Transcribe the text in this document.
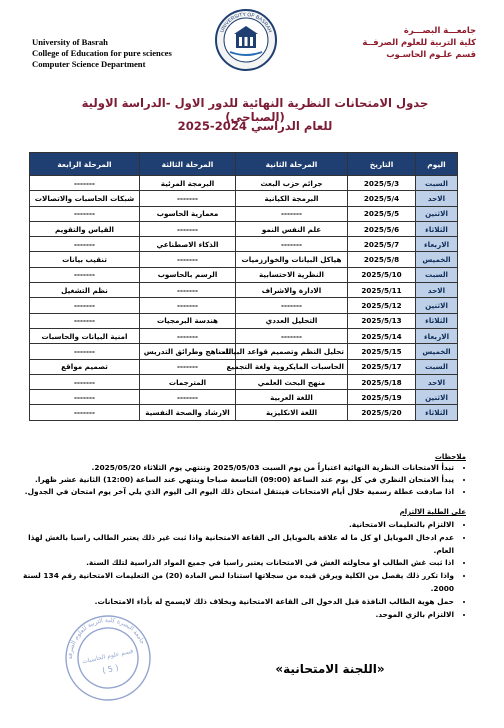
University of Basrah
College of Education for pure sciences
Computer Science Department
UNIVERSITY OF BASRAH	جامعـــة البصـــرة
كلية التربية للعلوم الصرفــة
قسم علـوم الحاسـوب
جدول الامتحانات النظرية النهائية للدور الاول -الدراسة الاولية (الصباحي)
للعام الدراسي 2024-2025
اليوم	التاريخ	المرحلة الثانية	المرحلة الثالثة	المرحلة الرابعة
السبت	2025/5/3	جرائم حزب البعث	البرمجة المرئية	-------
الاحد	2025/5/4	البرمجة الكيانية	-------	شبكات الحاسبات والاتصالات
الاثنين	2025/5/5	-------	معمارية الحاسوب	-------
الثلاثاء	2025/5/6	علم النفس النمو	-------	القياس والتقويم
الاربعاء	2025/5/7	-------	الذكاء الاصطناعي	-------
الخميس	2025/5/8	هياكل البيانات والخوارزميات	-------	تنقيب بيانات
السبت	2025/5/10	النظرية الاحتسابية	الرسم بالحاسوب	-------
الاحد	2025/5/11	الادارة والاشراف	-------	نظم التشغيل
الاثنين	2025/5/12	-------	-------	-------
الثلاثاء	2025/5/13	التحليل العددي	هندسة البرمجيات	-------
الاربعاء	2025/5/14	-------	-------	امنية البيانات والحاسبات
الخميس	2025/5/15	تحليل النظم وتصميم قواعد البيانات	المناهج وطرائق التدريس	-------
السبت	2025/5/17	الحاسبات المايكروية ولغة التجميع	-------	تصميم مواقع
الاحد	2025/5/18	منهج البحث العلمي	المترجمات	-------
الاثنين	2025/5/19	اللغة العربية	-------	-------
الثلاثاء	2025/5/20	اللغة الانكليزية	الارشاد والصحة النفسية	-------
ملاحظات
• تبدأ الامتحانات النظرية النهائية اعتباراً من يوم السبت 2025/05/03 وتنتهي يوم الثلاثاء 2025/05/20.
• يبدأ الامتحان النظري في كل يوم عند الساعة (09:00) التاسعة صباحا وينتهي عند الساعة (12:00) الثانية عشر ظهرا.
• اذا صادفت عطلة رسمية خلال أيام الامتحانات فينتقل امتحان ذلك اليوم الى اليوم الذي يلي آخر يوم امتحان في الجدول.
على الطلبة الالتزام
• الالتزام بالتعليمات الامتحانية.
• عدم ادخال الموبايل او كل ما له علاقة بالموبايل الى القاعة الامتحانية واذا ثبت غير ذلك يعتبر الطالب راسبا بالغش لهذا العام.
• اذا ثبت غش الطالب او محاولته الغش في الامتحانات يعتبر راسبا في جميع المواد الدراسية لتلك السنة.
• واذا تكرر ذلك يفصل من الكلية ويرقن قيده من سجلاتها استنادا لنص المادة (20) من التعليمات الامتحانية رقم 134 لسنة 2000.
• حمل هوية الطالب النافذة قبل الدخول الى القاعة الامتحانية وبخلاف ذلك لايسمح له بأداء الامتحانات.
• الالتزام بالزي الموحد.
جامعة البصرة كلية التربية للعلوم الصرفة
قسم علوم الحاسبات
( 5 )	«اللجنة الامتحانية»
